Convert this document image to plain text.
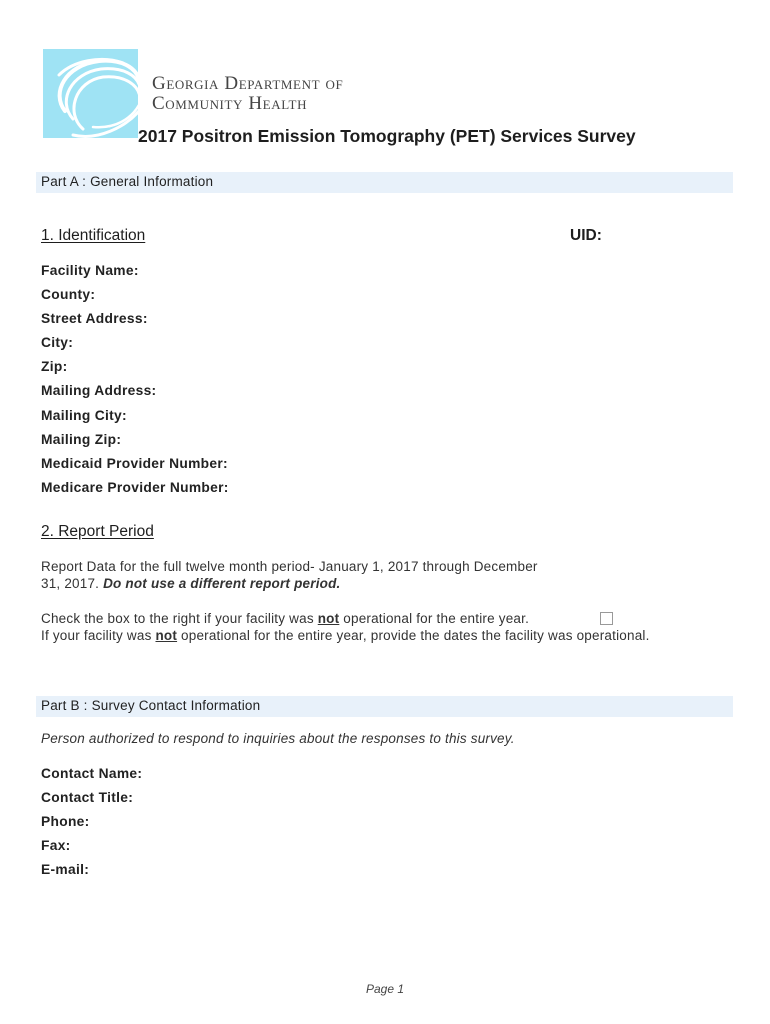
Georgia Department of
Community Health
2017 Positron Emission Tomography (PET) Services Survey
Part A : General Information
1. Identification	UID:
Facility Name:
County:
Street Address:
City:
Zip:
Mailing Address:
Mailing City:
Mailing Zip:
Medicaid Provider Number:
Medicare Provider Number:
2. Report Period
Report Data for the full twelve month period- January 1, 2017 through December
31, 2017. Do not use a different report period.
Check the box to the right if your facility was not operational for the entire year.
If your facility was not operational for the entire year, provide the dates the facility was operational.
Part B : Survey Contact Information
Person authorized to respond to inquiries about the responses to this survey.
Contact Name:
Contact Title:
Phone:
Fax:
E-mail:
Page 1
